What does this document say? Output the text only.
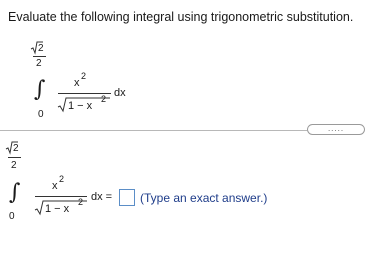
Evaluate the following integral using trigonometric substitution.
2
2
∫
0
x
2
1 − x
2 dx
.....
2
2
∫
0
x
2
1 − x
2 dx = (Type an exact answer.)
